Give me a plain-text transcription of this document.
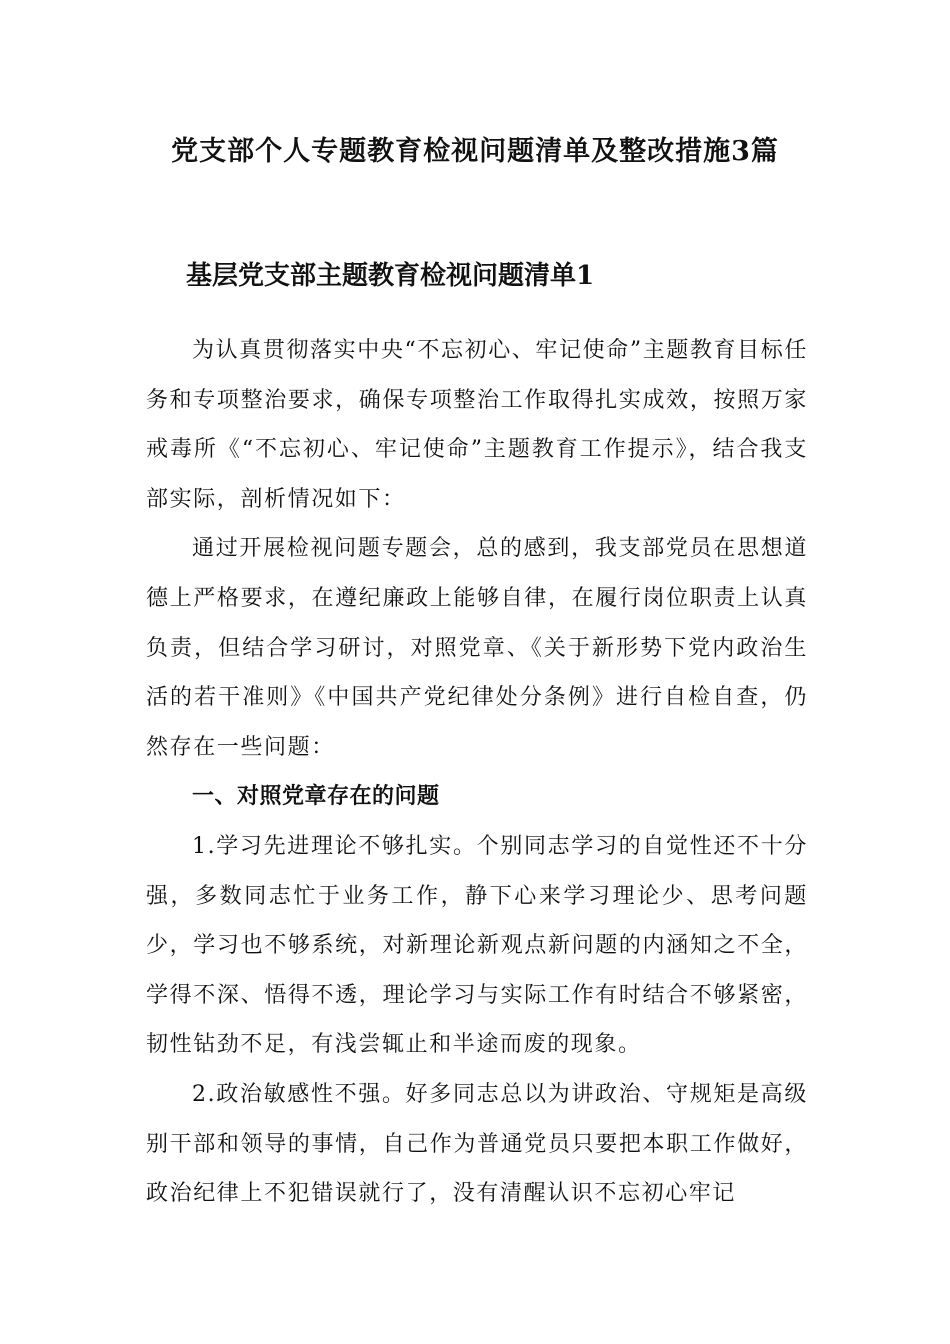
党支部个人专题教育检视问题清单及整改措施3篇
基层党支部主题教育检视问题清单1

为认真贯彻落实中央“不忘初心、牢记使命”主题教育目标任务和专项整治要求，确保专项整治工作取得扎实成效，按照万家戒毒所《“不忘初心、牢记使命”主题教育工作提示》，结合我支部实际，剖析情况如下：

通过开展检视问题专题会，总的感到，我支部党员在思想道德上严格要求，在遵纪廉政上能够自律，在履行岗位职责上认真负责，但结合学习研讨，对照党章、《关于新形势下党内政治生活的若干准则》《中国共产党纪律处分条例》进行自检自查，仍然存在一些问题：

一、对照党章存在的问题

1.学习先进理论不够扎实。个别同志学习的自觉性还不十分强，多数同志忙于业务工作，静下心来学习理论少、思考问题少，学习也不够系统，对新理论新观点新问题的内涵知之不全，学得不深、悟得不透，理论学习与实际工作有时结合不够紧密，韧性钻劲不足，有浅尝辄止和半途而废的现象。

2.政治敏感性不强。好多同志总以为讲政治、守规矩是高级别干部和领导的事情，自己作为普通党员只要把本职工作做好，政治纪律上不犯错误就行了，没有清醒认识不忘初心牢记
